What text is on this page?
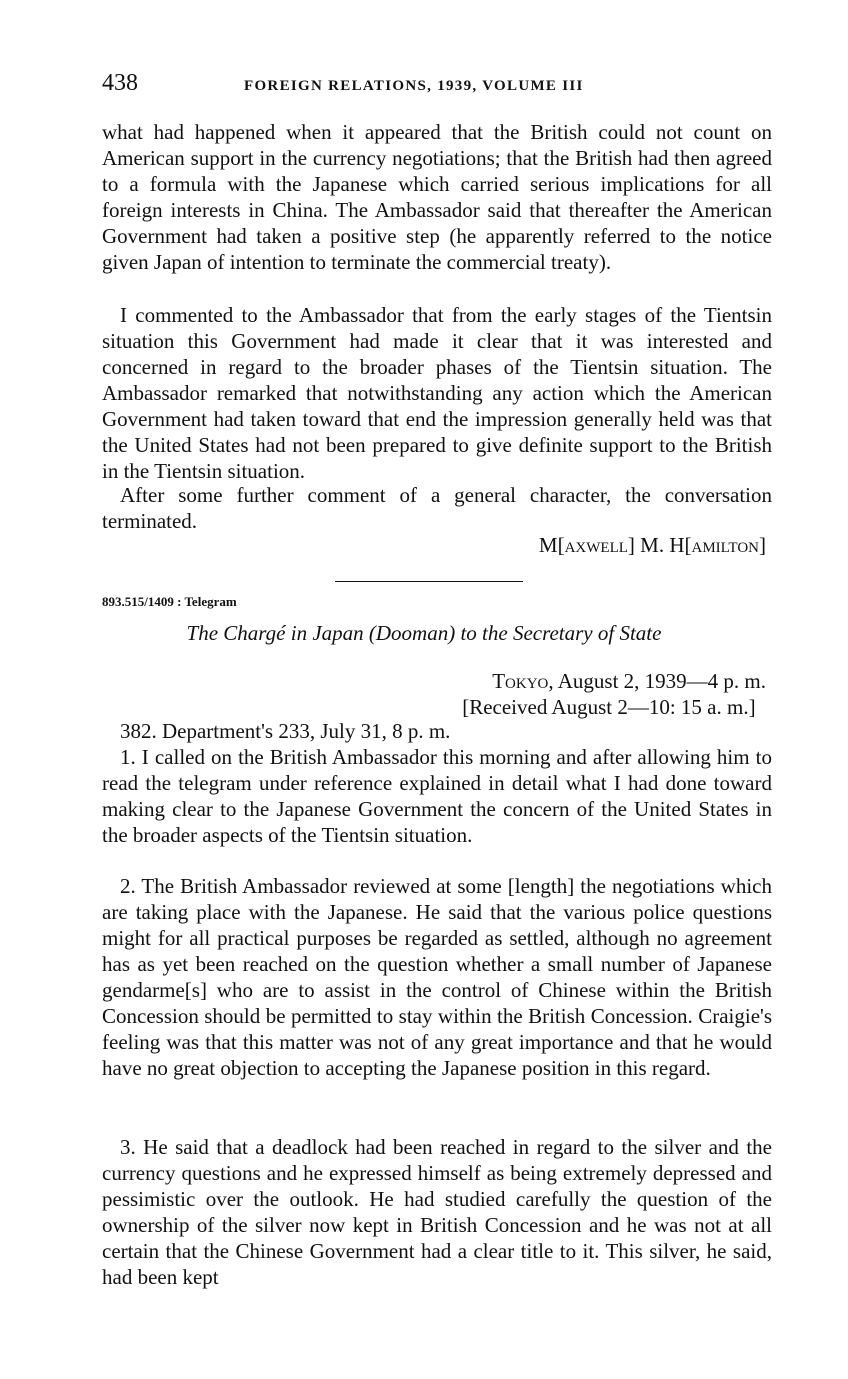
438	FOREIGN RELATIONS, 1939, VOLUME III

what had happened when it appeared that the British could not count on American support in the currency negotiations; that the British had then agreed to a formula with the Japanese which carried serious implications for all foreign interests in China. The Ambassador said that thereafter the American Government had taken a positive step (he apparently referred to the notice given Japan of intention to terminate the commercial treaty).

I commented to the Ambassador that from the early stages of the Tientsin situation this Government had made it clear that it was interested and concerned in regard to the broader phases of the Tientsin situation. The Ambassador remarked that notwithstanding any action which the American Government had taken toward that end the impression generally held was that the United States had not been prepared to give definite support to the British in the Tientsin situation.

After some further comment of a general character, the conversation terminated.

M[axwell] M. H[amilton]
893.515/1409 : Telegram
The Chargé in Japan (Dooman) to the Secretary of State
Tokyo, August 2, 1939—4 p. m.
[Received August 2—10: 15 a. m.]

382. Department's 233, July 31, 8 p. m.

1. I called on the British Ambassador this morning and after allowing him to read the telegram under reference explained in detail what I had done toward making clear to the Japanese Government the concern of the United States in the broader aspects of the Tientsin situation.

2. The British Ambassador reviewed at some [length] the negotiations which are taking place with the Japanese. He said that the various police questions might for all practical purposes be regarded as settled, although no agreement has as yet been reached on the question whether a small number of Japanese gendarme[s] who are to assist in the control of Chinese within the British Concession should be permitted to stay within the British Concession. Craigie's feeling was that this matter was not of any great importance and that he would have no great objection to accepting the Japanese position in this regard.

3. He said that a deadlock had been reached in regard to the silver and the currency questions and he expressed himself as being extremely depressed and pessimistic over the outlook. He had studied carefully the question of the ownership of the silver now kept in British Concession and he was not at all certain that the Chinese Government had a clear title to it. This silver, he said, had been kept
